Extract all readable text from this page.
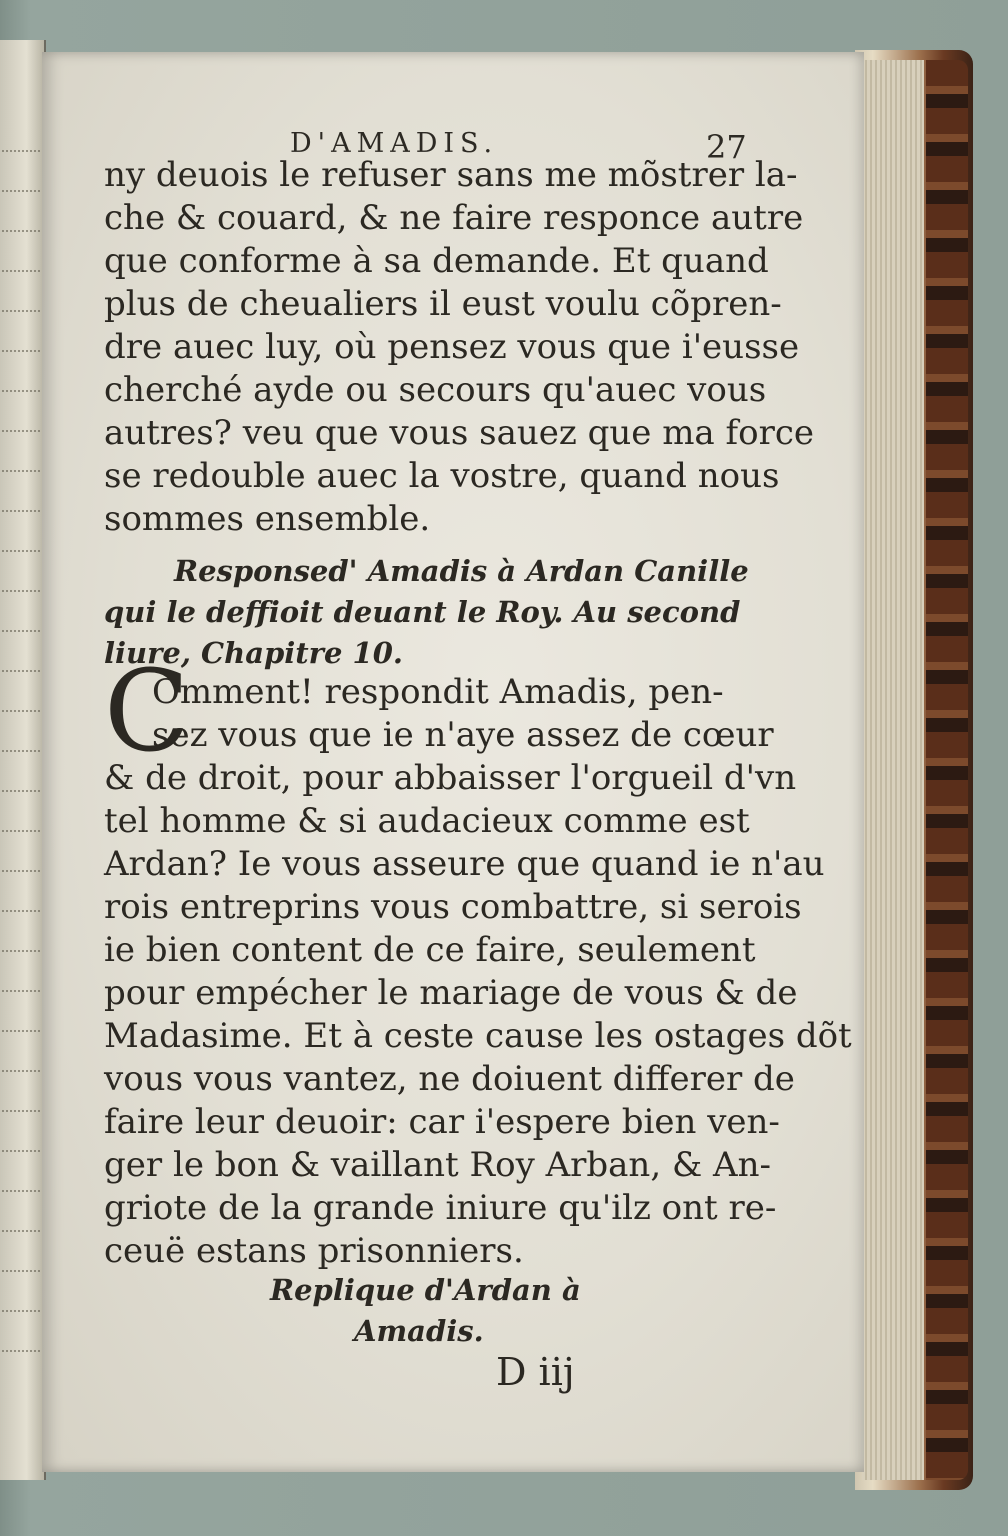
D'AMADIS.	27
ny deuois le refuser sans me mõstrer la-
che & couard, & ne faire responce autre
que conforme à sa demande. Et quand
plus de cheualiers il eust voulu cõpren-
dre auec luy, où pensez vous que i'eusse
cherché ayde ou secours qu'auec vous
autres? veu que vous sauez que ma force
se redouble auec la vostre, quand nous
sommes ensemble.
Responsed' Amadis à Ardan Canille
qui le deffioit deuant le Roy. Au second
liure, Chapitre 10.
C
Omment! respondit Amadis, pen-
sez vous que ie n'aye assez de cœur
& de droit, pour abbaisser l'orgueil d'vn
tel homme & si audacieux comme est
Ardan? Ie vous asseure que quand ie n'au
rois entreprins vous combattre, si serois
ie bien content de ce faire, seulement
pour empécher le mariage de vous & de
Madasime. Et à ceste cause les ostages dõt
vous vous vantez, ne doiuent differer de
faire leur deuoir: car i'espere bien ven-
ger le bon & vaillant Roy Arban, & An-
griote de la grande iniure qu'ilz ont re-
ceuë estans prisonniers.
Replique d'Ardan à
Amadis.
D iij
